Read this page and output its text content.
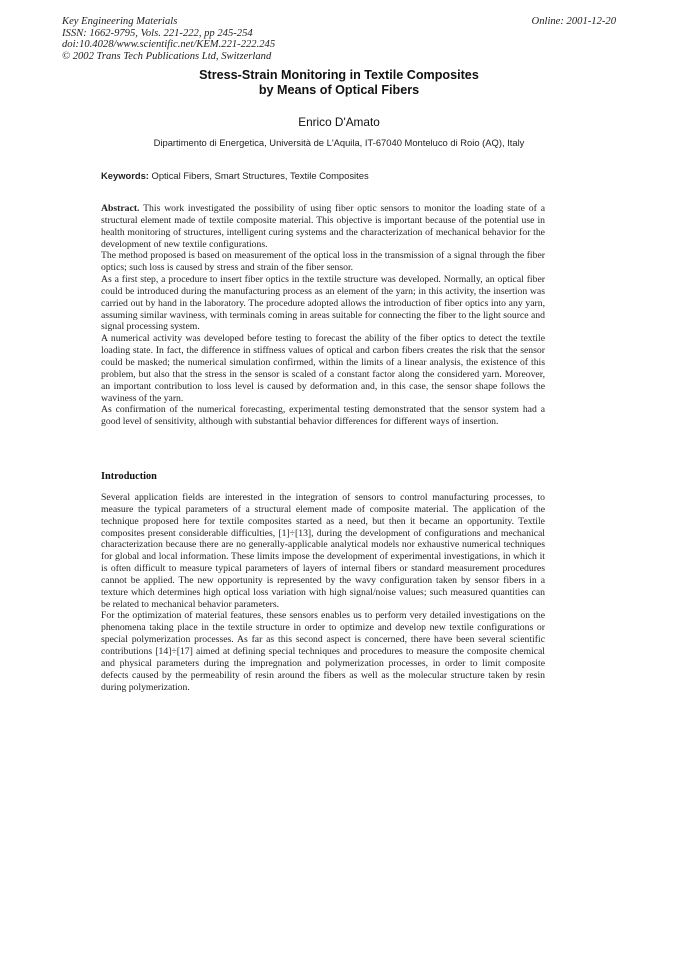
Key Engineering Materials
ISSN: 1662-9795, Vols. 221-222, pp 245-254
doi:10.4028/www.scientific.net/KEM.221-222.245
© 2002 Trans Tech Publications Ltd, Switzerland
Online: 2001-12-20
Stress-Strain Monitoring in Textile Composites
by Means of Optical Fibers
Enrico D'Amato
Dipartimento di Energetica, Università de L'Aquila, IT-67040 Monteluco di Roio (AQ), Italy
Keywords: Optical Fibers, Smart Structures, Textile Composites

Abstract. This work investigated the possibility of using fiber optic sensors to monitor the loading state of a structural element made of textile composite material. This objective is important because of the potential use in health monitoring of structures, intelligent curing systems and the characterization of mechanical behavior for the development of new textile configurations.

The method proposed is based on measurement of the optical loss in the transmission of a signal through the fiber optics; such loss is caused by stress and strain of the fiber sensor.

As a first step, a procedure to insert fiber optics in the textile structure was developed. Normally, an optical fiber could be introduced during the manufacturing process as an element of the yarn; in this activity, the insertion was carried out by hand in the laboratory. The procedure adopted allows the introduction of fiber optics into any yarn, assuming similar waviness, with terminals coming in areas suitable for connecting the fiber to the light source and signal processing system.

A numerical activity was developed before testing to forecast the ability of the fiber optics to detect the textile loading state. In fact, the difference in stiffness values of optical and carbon fibers creates the risk that the sensor could be masked; the numerical simulation confirmed, within the limits of a linear analysis, the existence of this problem, but also that the stress in the sensor is scaled of a constant factor along the considered yarn. Moreover, an important contribution to loss level is caused by deformation and, in this case, the sensor shape follows the waviness of the yarn.

As confirmation of the numerical forecasting, experimental testing demonstrated that the sensor system had a good level of sensitivity, although with substantial behavior differences for different ways of insertion.

Introduction

Several application fields are interested in the integration of sensors to control manufacturing processes, to measure the typical parameters of a structural element made of composite material. The application of the technique proposed here for textile composites started as a need, but then it became an opportunity. Textile composites present considerable difficulties, [1]÷[13], during the development of configurations and mechanical characterization because there are no generally-applicable analytical models nor exhaustive numerical techniques for global and local information. These limits impose the development of experimental investigations, in which it is often difficult to measure typical parameters of layers of internal fibers or standard measurement procedures cannot be applied. The new opportunity is represented by the wavy configuration taken by sensor fibers in a texture which determines high optical loss variation with high signal/noise values; such measured quantities can be related to mechanical behavior parameters.

For the optimization of material features, these sensors enables us to perform very detailed investigations on the phenomena taking place in the textile structure in order to optimize and develop new textile configurations or special polymerization processes. As far as this second aspect is concerned, there have been several scientific contributions [14]÷[17] aimed at defining special techniques and procedures to measure the composite chemical and physical parameters during the impregnation and polymerization processes, in order to limit composite defects caused by the permeability of resin around the fibers as well as the molecular structure taken by resin during polymerization.
